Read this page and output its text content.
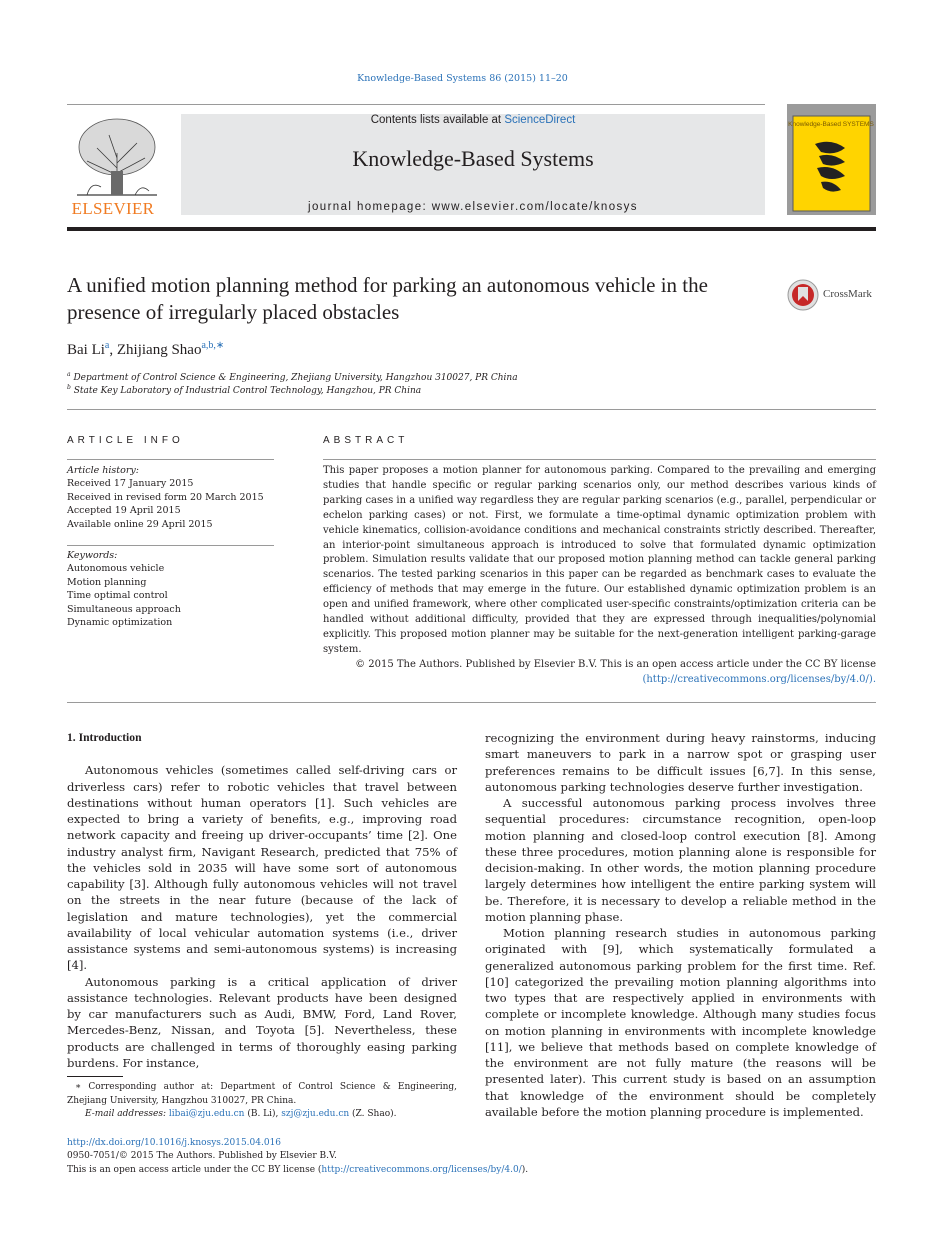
Knowledge-Based Systems 86 (2015) 11–20
ELSEVIER
Contents lists available at ScienceDirect
Knowledge-Based Systems
journal homepage: www.elsevier.com/locate/knosys
Knowledge-Based SYSTEMS
A unified motion planning method for parking an autonomous vehicle in the presence of irregularly placed obstacles
CrossMark
Bai Li$^a$, Zhijiang Shao$^{a,b,∗}$
$^a$ Department of Control Science & Engineering, Zhejiang University, Hangzhou 310027, PR China
$^b$ State Key Laboratory of Industrial Control Technology, Hangzhou, PR China
ARTICLE INFO
Article history:
Received 17 January 2015
Received in revised form 20 March 2015
Accepted 19 April 2015
Available online 29 April 2015
Keywords:
Autonomous vehicle
Motion planning
Time optimal control
Simultaneous approach
Dynamic optimization
ABSTRACT
This paper proposes a motion planner for autonomous parking. Compared to the prevailing and emerging studies that handle specific or regular parking scenarios only, our method describes various kinds of parking cases in a unified way regardless they are regular parking scenarios (e.g., parallel, perpendicular or echelon parking cases) or not. First, we formulate a time-optimal dynamic optimization problem with vehicle kinematics, collision-avoidance conditions and mechanical constraints strictly described. Thereafter, an interior-point simultaneous approach is introduced to solve that formulated dynamic optimization problem. Simulation results validate that our proposed motion planning method can tackle general parking scenarios. The tested parking scenarios in this paper can be regarded as benchmark cases to evaluate the efficiency of methods that may emerge in the future. Our established dynamic optimization problem is an open and unified framework, where other complicated user-specific constraints/optimization criteria can be handled without additional difficulty, provided that they are expressed through inequalities/polynomial explicitly. This proposed motion planner may be suitable for the next-generation intelligent parking-garage system.
© 2015 The Authors. Published by Elsevier B.V. This is an open access article under the CC BY license
(http://creativecommons.org/licenses/by/4.0/).
1. Introduction

Autonomous vehicles (sometimes called self-driving cars or driverless cars) refer to robotic vehicles that travel between destinations without human operators [1]. Such vehicles are expected to bring a variety of benefits, e.g., improving road network capacity and freeing up driver-occupants’ time [2]. One industry analyst firm, Navigant Research, predicted that 75% of the vehicles sold in 2035 will have some sort of autonomous capability [3]. Although fully autonomous vehicles will not travel on the streets in the near future (because of the lack of legislation and mature technologies), yet the commercial availability of local vehicular automation systems (i.e., driver assistance systems and semi-autonomous systems) is increasing [4].

Autonomous parking is a critical application of driver assistance technologies. Relevant products have been designed by car manufacturers such as Audi, BMW, Ford, Land Rover, Mercedes-Benz, Nissan, and Toyota [5]. Nevertheless, these products are challenged in terms of thoroughly easing parking burdens. For instance,

recognizing the environment during heavy rainstorms, inducing smart maneuvers to park in a narrow spot or grasping user preferences remains to be difficult issues [6,7]. In this sense, autonomous parking technologies deserve further investigation.

A successful autonomous parking process involves three sequential procedures: circumstance recognition, open-loop motion planning and closed-loop control execution [8]. Among these three procedures, motion planning alone is responsible for decision-making. In other words, the motion planning procedure largely determines how intelligent the entire parking system will be. Therefore, it is necessary to develop a reliable method in the motion planning phase.

Motion planning research studies in autonomous parking originated with [9], which systematically formulated a generalized autonomous parking problem for the first time. Ref. [10] categorized the prevailing motion planning algorithms into two types that are respectively applied in environments with complete or incomplete knowledge. Although many studies focus on motion planning in environments with incomplete knowledge [11], we believe that methods based on complete knowledge of the environment are not fully mature (the reasons will be presented later). This current study is based on an assumption that knowledge of the environment should be completely available before the motion planning procedure is implemented.

∗ Corresponding author at: Department of Control Science & Engineering, Zhejiang University, Hangzhou 310027, PR China.
E-mail addresses: libai@zju.edu.cn (B. Li), szj@zju.edu.cn (Z. Shao).
http://dx.doi.org/10.1016/j.knosys.2015.04.016
0950-7051/© 2015 The Authors. Published by Elsevier B.V.
This is an open access article under the CC BY license (http://creativecommons.org/licenses/by/4.0/).
